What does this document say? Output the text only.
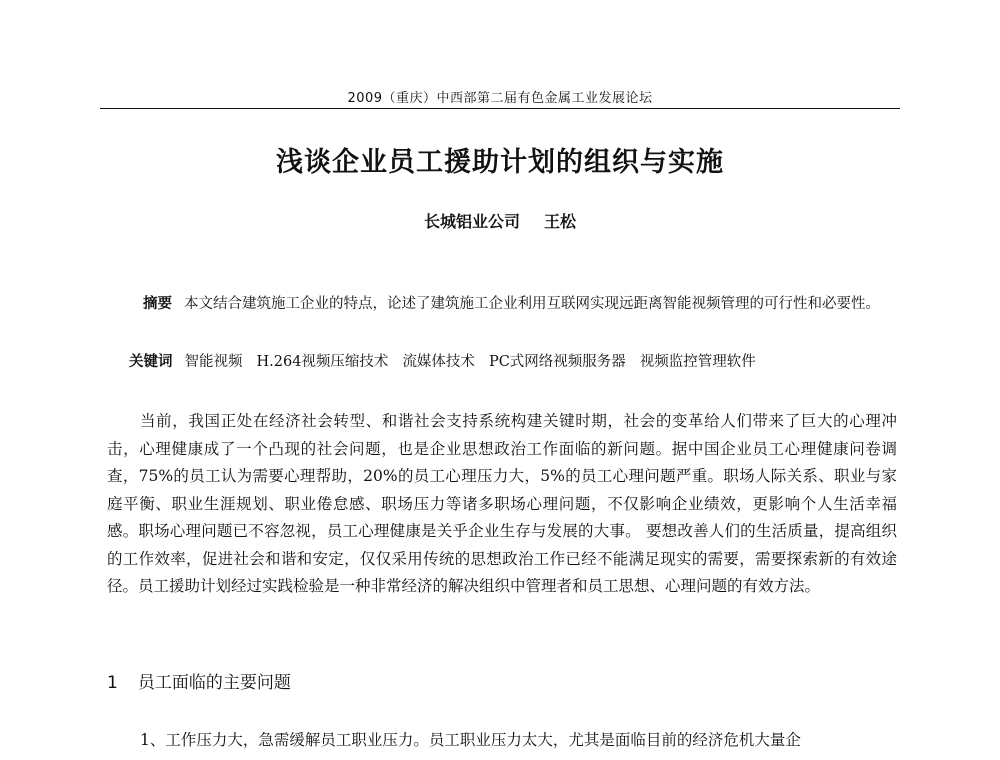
2009（重庆）中西部第二届有色金属工业发展论坛
浅谈企业员工援助计划的组织与实施
长城铝业公司 王松

摘要 本文结合建筑施工企业的特点，论述了建筑施工企业利用互联网实现远距离智能视频管理的可行性和必要性。

关键词 智能视频 H.264视频压缩技术 流媒体技术 PC式网络视频服务器 视频监控管理软件

当前，我国正处在经济社会转型、和谐社会支持系统构建关键时期，社会的变革给人们带来了巨大的心理冲击，心理健康成了一个凸现的社会问题，也是企业思想政治工作面临的新问题。据中国企业员工心理健康问卷调查，75%的员工认为需要心理帮助，20%的员工心理压力大，5%的员工心理问题严重。职场人际关系、职业与家庭平衡、职业生涯规划、职业倦怠感、职场压力等诸多职场心理问题，不仅影响企业绩效，更影响个人生活幸福感。职场心理问题已不容忽视，员工心理健康是关乎企业生存与发展的大事。 要想改善人们的生活质量，提高组织的工作效率，促进社会和谐和安定，仅仅采用传统的思想政治工作已经不能满足现实的需要，需要探索新的有效途径。员工援助计划经过实践检验是一种非常经济的解决组织中管理者和员工思想、心理问题的有效方法。

1 员工面临的主要问题

1、工作压力大，急需缓解员工职业压力。员工职业压力太大，尤其是面临目前的经济危机大量企
